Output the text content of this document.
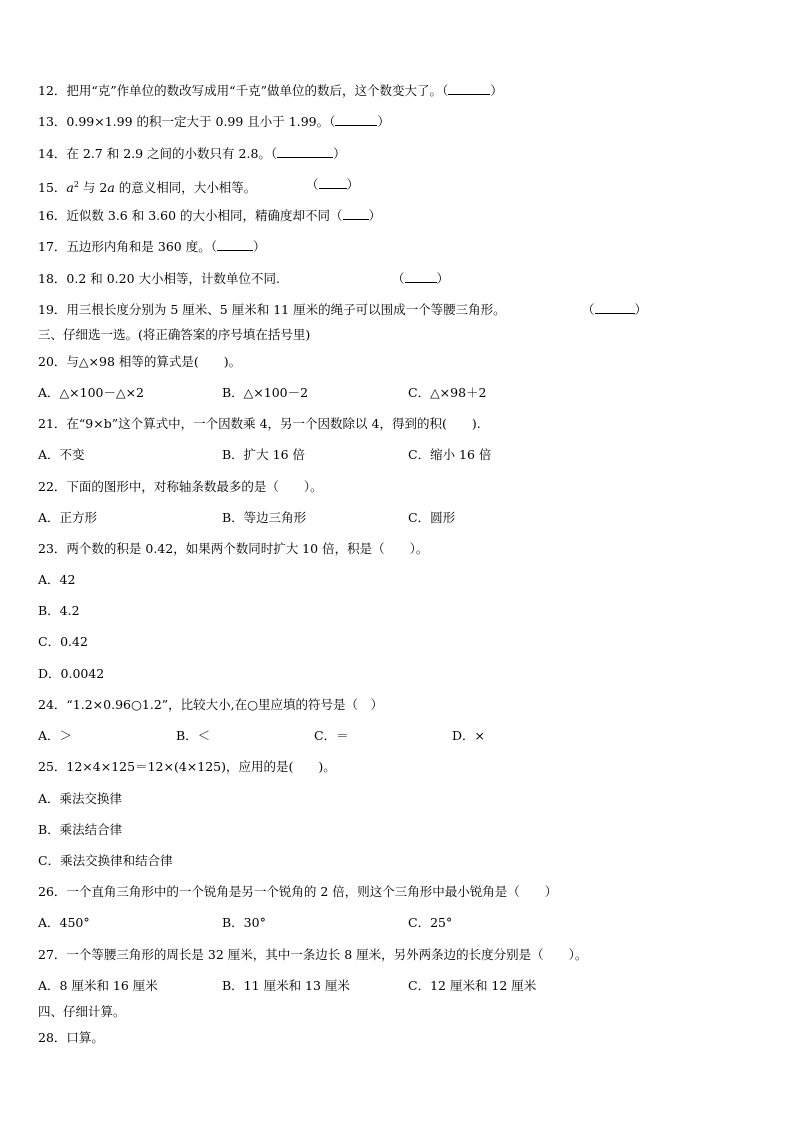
12．把用“克”作单位的数改写成用“千克”做单位的数后，这个数变大了。（	）
13．0.99×1.99 的积一定大于 0.99 且小于 1.99。（	）
14．在 2.7 和 2.9 之间的小数只有 2.8。（	）
15．$a^2$ 与 2a 的意义相同，大小相等。	（ ）
16．近似数 3.6 和 3.60 的大小相同，精确度却不同（ ）
17．五边形内角和是 360 度。（	）
18．0.2 和 0.20 大小相等，计数单位不同.	（	）
19．用三根长度分别为 5 厘米、5 厘米和 11 厘米的绳子可以围成一个等腰三角形。	（	）
三、仔细选一选。(将正确答案的序号填在括号里)
20．与△×98 相等的算式是(　　)。
A．△×100－△×2	B．△×100－2	C．△×98＋2
21．在“9×b”这个算式中，一个因数乘 4，另一个因数除以 4，得到的积(　　).
A．不变	B．扩大 16 倍	C．缩小 16 倍
22．下面的图形中，对称轴条数最多的是（　　）。
A．正方形	B．等边三角形	C．圆形
23．两个数的积是 0.42，如果两个数同时扩大 10 倍，积是（　　）。
A．42
B．4.2
C．0.42
D．0.0042
24．“1.2×0.96○1.2”，比较大小,在○里应填的符号是（　）
A．＞	B．＜	C．＝	D．×
25．12×4×125＝12×(4×125)，应用的是(　　)。
A．乘法交换律
B．乘法结合律
C．乘法交换律和结合律
26．一个直角三角形中的一个锐角是另一个锐角的 2 倍，则这个三角形中最小锐角是（　　）
A．450°	B．30°	C．25°
27．一个等腰三角形的周长是 32 厘米，其中一条边长 8 厘米，另外两条边的长度分别是（　　）。
A．8 厘米和 16 厘米	B．11 厘米和 13 厘米	C．12 厘米和 12 厘米
四、仔细计算。
28．口算。
